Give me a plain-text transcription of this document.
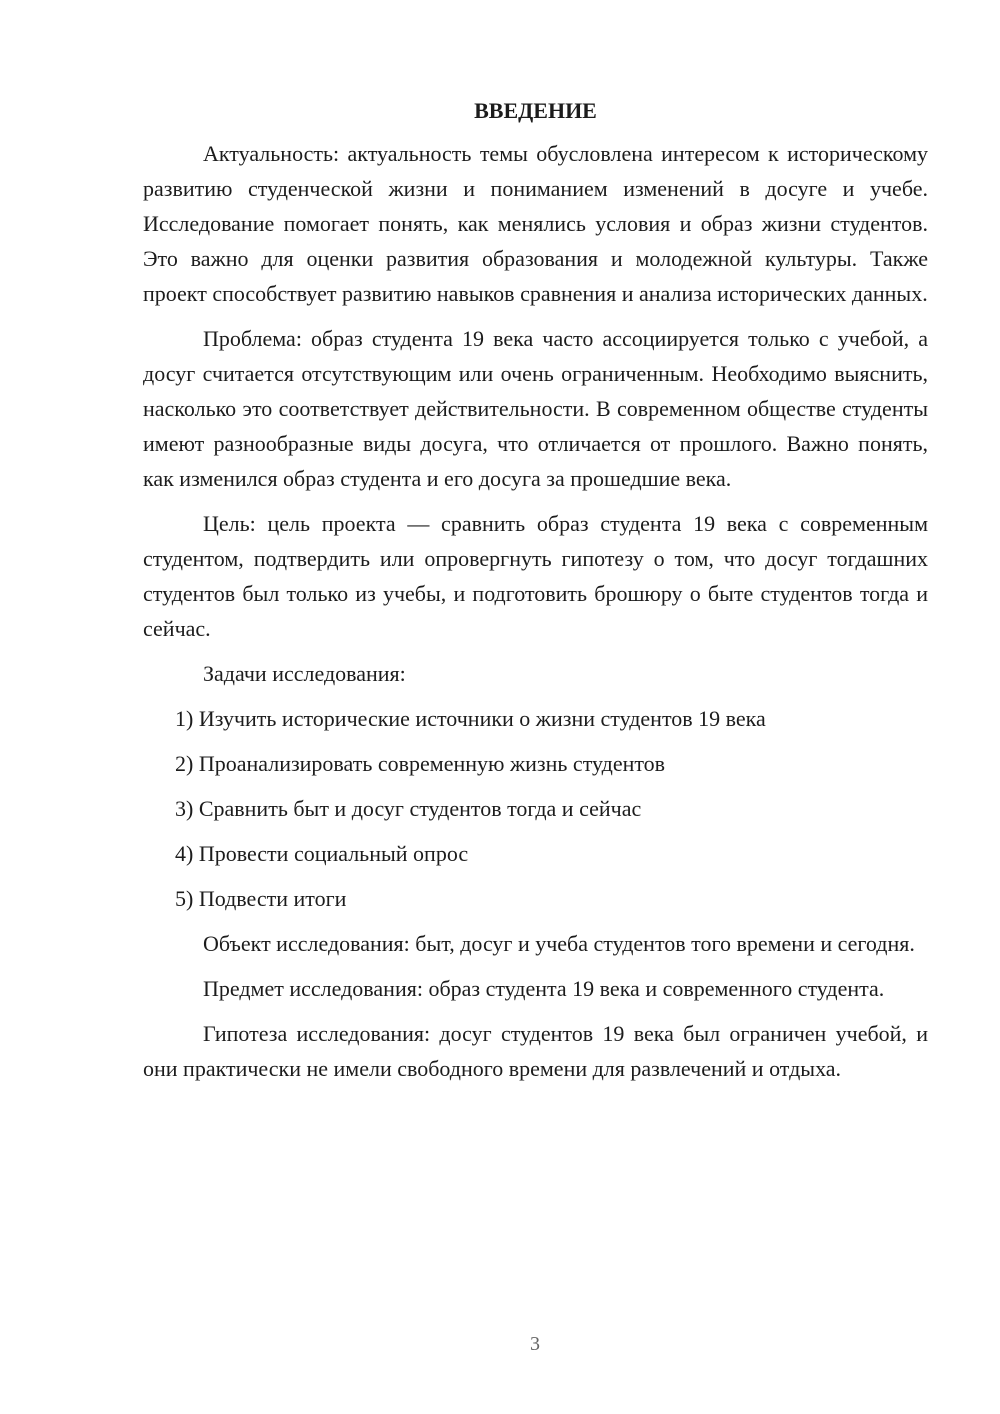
ВВЕДЕНИЕ

Актуальность: актуальность темы обусловлена интересом к историческому развитию студенческой жизни и пониманием изменений в досуге и учебе. Исследование помогает понять, как менялись условия и образ жизни студентов. Это важно для оценки развития образования и молодежной культуры. Также проект способствует развитию навыков сравнения и анализа исторических данных.

Проблема: образ студента 19 века часто ассоциируется только с учебой, а досуг считается отсутствующим или очень ограниченным. Необходимо выяснить, насколько это соответствует действительности. В современном обществе студенты имеют разнообразные виды досуга, что отличается от прошлого. Важно понять, как изменился образ студента и его досуга за прошедшие века.

Цель: цель проекта — сравнить образ студента 19 века с современным студентом, подтвердить или опровергнуть гипотезу о том, что досуг тогдашних студентов был только из учебы, и подготовить брошюру о быте студентов тогда и сейчас.

Задачи исследования:

1) Изучить исторические источники о жизни студентов 19 века
2) Проанализировать современную жизнь студентов
3) Сравнить быт и досуг студентов тогда и сейчас
4) Провести социальный опрос
5) Подвести итоги

Объект исследования: быт, досуг и учеба студентов того времени и сегодня.

Предмет исследования: образ студента 19 века и современного студента.

Гипотеза исследования: досуг студентов 19 века был ограничен учебой, и они практически не имели свободного времени для развлечений и отдыха.

3
